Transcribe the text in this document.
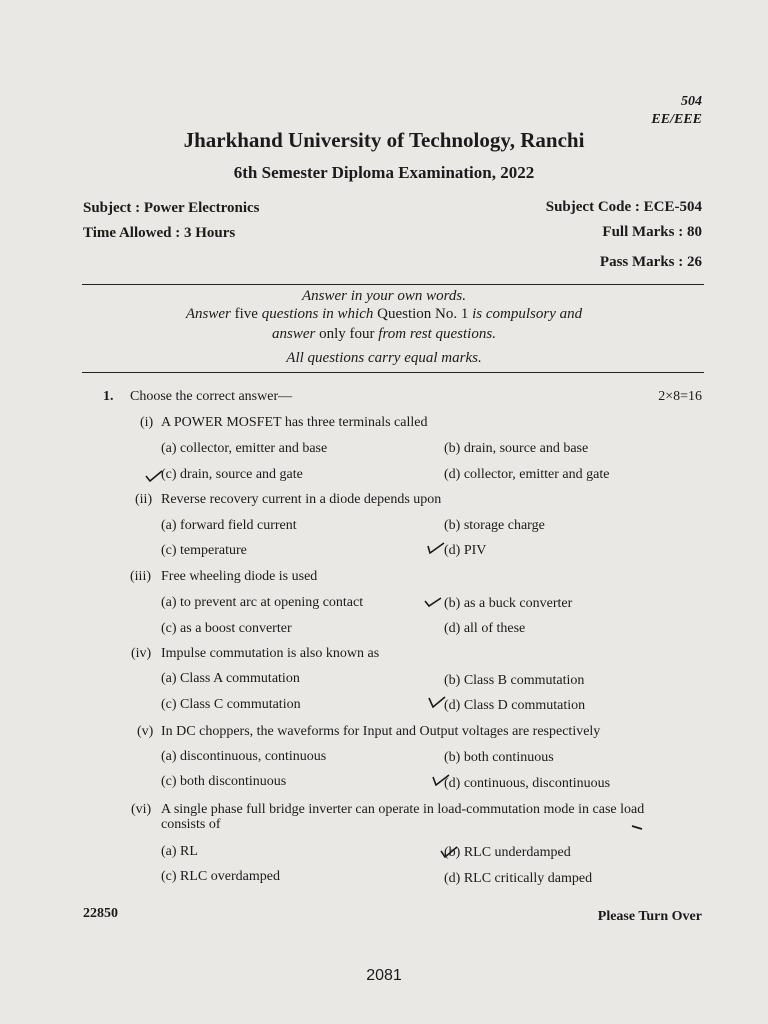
504
EE/EEE
Jharkhand University of Technology, Ranchi
6th Semester Diploma Examination, 2022
Subject : Power Electronics	Subject Code : ECE-504
Time Allowed : 3 Hours	Full Marks : 80
Pass Marks : 26
Answer in your own words.
Answer five questions in which Question No. 1 is compulsory and
answer only four from rest questions.
All questions carry equal marks.
1. Choose the correct answer—	2×8=16
(i) A POWER MOSFET has three terminals called
(a) collector, emitter and base	(b) drain, source and base
(c) drain, source and gate	(d) collector, emitter and gate
(ii) Reverse recovery current in a diode depends upon
(a) forward field current	(b) storage charge
(c) temperature	(d) PIV
(iii) Free wheeling diode is used
(a) to prevent arc at opening contact	(b) as a buck converter
(c) as a boost converter	(d) all of these
(iv) Impulse commutation is also known as
(a) Class A commutation	(b) Class B commutation
(c) Class C commutation	(d) Class D commutation
(v) In DC choppers, the waveforms for Input and Output voltages are respectively
(a) discontinuous, continuous	(b) both continuous
(c) both discontinuous	(d) continuous, discontinuous
(vi) A single phase full bridge inverter can operate in load-commutation mode in case load
consists of
(a) RL	(b) RLC underdamped
(c) RLC overdamped	(d) RLC critically damped
22850	Please Turn Over
2081
